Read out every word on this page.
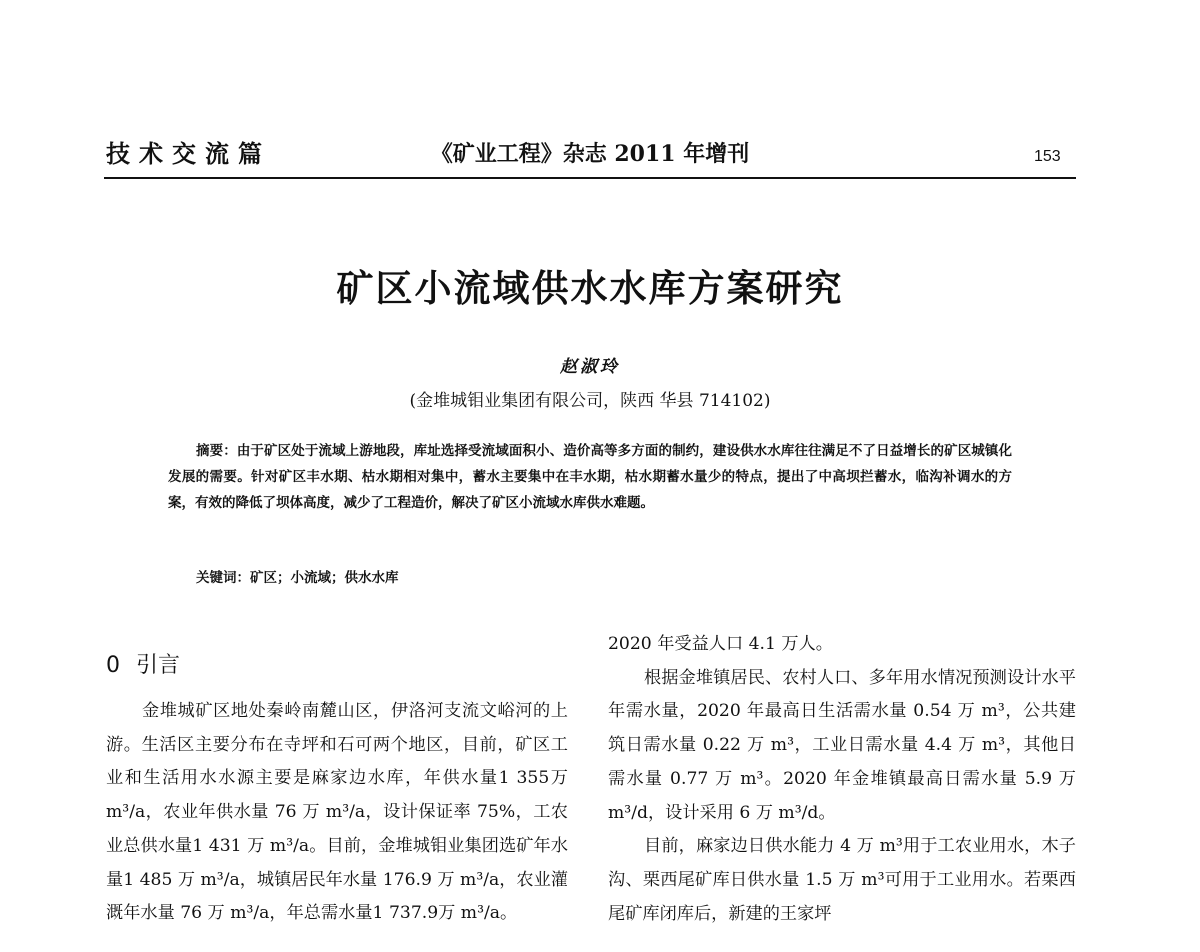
技术交流篇	《矿业工程》杂志 2011 年增刊	153
矿区小流域供水水库方案研究
赵淑玲
(金堆城钼业集团有限公司，陕西 华县 714102)
摘要：由于矿区处于流域上游地段，库址选择受流域面积小、造价高等多方面的制约，建设供水水库往往满足不了日益增长的矿区城镇化发展的需要。针对矿区丰水期、枯水期相对集中，蓄水主要集中在丰水期，枯水期蓄水量少的特点，提出了中高坝拦蓄水，临沟补调水的方案，有效的降低了坝体高度，减少了工程造价，解决了矿区小流域水库供水难题。
关键词：矿区；小流域；供水水库
0 引言

金堆城矿区地处秦岭南麓山区，伊洛河支流文峪河的上游。生活区主要分布在寺坪和石可两个地区，目前，矿区工业和生活用水水源主要是麻家边水库，年供水量1 355万 m³/a，农业年供水量 76 万 m³/a，设计保证率 75%，工农业总供水量1 431 万 m³/a。目前，金堆城钼业集团选矿年水量1 485 万 m³/a，城镇居民年水量 176.9 万 m³/a，农业灌溉年水量 76 万 m³/a，年总需水量1 737.9万 m³/a。

2020 年受益人口 4.1 万人。

根据金堆镇居民、农村人口、多年用水情况预测设计水平年需水量，2020 年最高日生活需水量 0.54 万 m³，公共建筑日需水量 0.22 万 m³，工业日需水量 4.4 万 m³，其他日需水量 0.77 万 m³。2020 年金堆镇最高日需水量 5.9 万 m³/d，设计采用 6 万 m³/d。

目前，麻家边日供水能力 4 万 m³用于工农业用水，木子沟、栗西尾矿库日供水量 1.5 万 m³可用于工业用水。若栗西尾矿库闭库后，新建的王家坪
